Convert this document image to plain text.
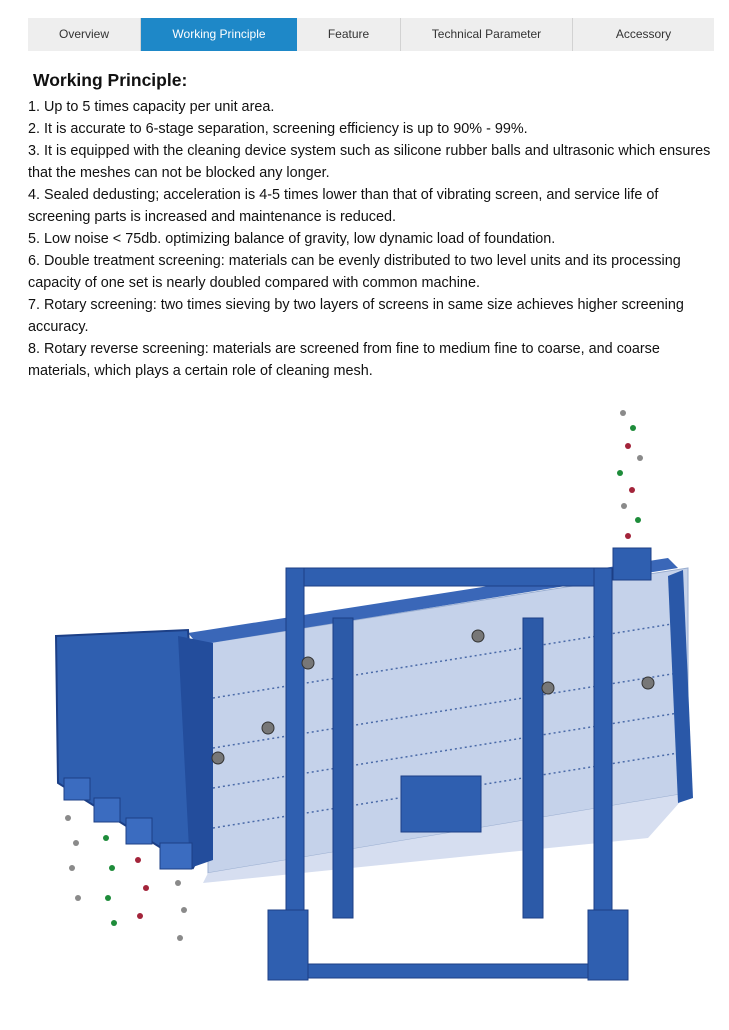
Overview	Working Principle	Feature	Technical Parameter	Accessory
Working Principle:
1. Up to 5 times capacity per unit area.
2. It is accurate to 6-stage separation, screening efficiency is up to 90% - 99%.
3. It is equipped with the cleaning device system such as silicone rubber balls and ultrasonic which ensures that the meshes can not be blocked any longer.
4. Sealed dedusting; acceleration is 4-5 times lower than that of vibrating screen, and service life of screening parts is increased and maintenance is reduced.
5. Low noise < 75db. optimizing balance of gravity, low dynamic load of foundation.
6. Double treatment screening: materials can be evenly distributed to two level units and its processing capacity of one set is nearly doubled compared with common machine.
7. Rotary screening: two times sieving by two layers of screens in same size achieves higher screening accuracy.
8. Rotary reverse screening: materials are screened from fine to medium fine to coarse, and coarse materials, which plays a certain role of cleaning mesh.
